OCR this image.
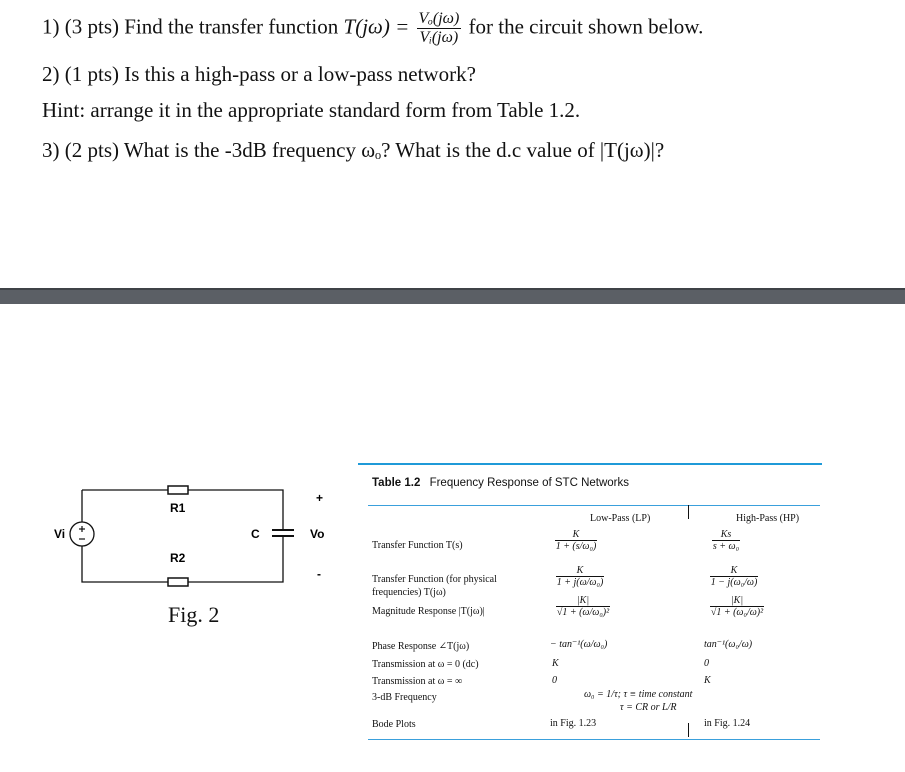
1) (3 pts) Find the transfer function $T(j\omega) = \frac{\text{Vₒ(jω)}}{\text{Vᵢ(jω)}}$ for the circuit shown below.
2) (1 pts) Is this a high-pass or a low-pass network?
Hint: arrange it in the appropriate standard form from Table 1.2.
3) (2 pts) What is the -3dB frequency ωₒ? What is the d.c value of |T(jω)|?
Vi
R1
R2
C	Vo
+
-
Fig. 2
Table 1.2 Frequency Response of STC Networks
Low-Pass (LP)	High-Pass (HP)
Transfer Function T(s)
Transfer Function (for physical
frequencies) T(jω)
Magnitude Response |T(jω)|
Phase Response ∠T(jω)
Transmission at ω = 0 (dc)
Transmission at ω = ∞
3-dB Frequency
Bode Plots
$\frac{K}{\text{1 + (s/ω₀)}}$
$\frac{K}{\text{1 + j(ω/ω₀)}}$
$\frac{|K|}{\text{√1 + (ω/ω₀)²}}$
− tan⁻¹(ω/ω₀)
K
0
in Fig. 1.23
$\frac{Ks}{\text{s + ω₀}}$
$\frac{K}{\text{1 − j(ω₀/ω)}}$
$\frac{|K|}{\text{√1 + (ω₀/ω)²}}$
tan⁻¹(ω₀/ω)
0
K
in Fig. 1.24
ω₀ = 1/τ; τ ≡ time constant
τ = CR or L/R
